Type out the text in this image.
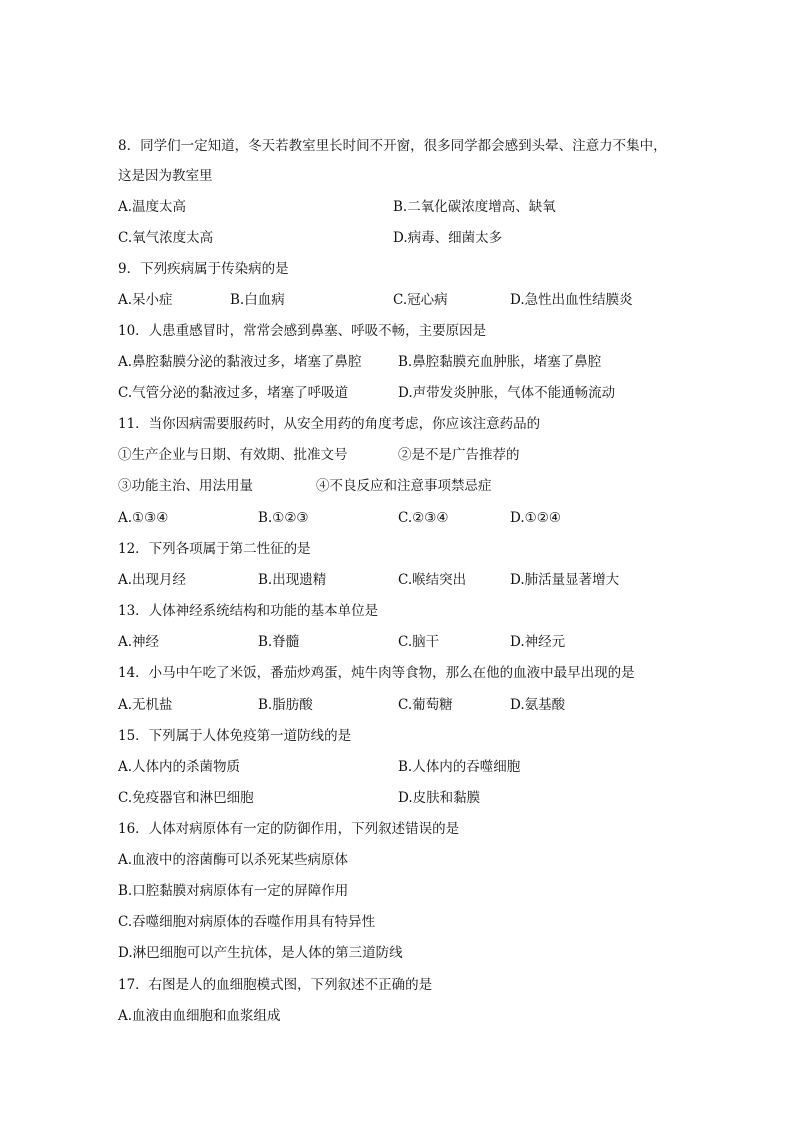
8．同学们一定知道，冬天若教室里长时间不开窗，很多同学都会感到头晕、注意力不集中，
这是因为教室里
A.温度太高	B.二氧化碳浓度增高、缺氧
C.氧气浓度太高	D.病毒、细菌太多
9．下列疾病属于传染病的是
A.呆小症	B.白血病	C.冠心病	D.急性出血性结膜炎
10．人患重感冒时，常常会感到鼻塞、呼吸不畅，主要原因是
A.鼻腔黏膜分泌的黏液过多，堵塞了鼻腔	B.鼻腔黏膜充血肿胀，堵塞了鼻腔
C.气管分泌的黏液过多，堵塞了呼吸道	D.声带发炎肿胀，气体不能通畅流动
11．当你因病需要服药时，从安全用药的角度考虑，你应该注意药品的
①生产企业与日期、有效期、批准文号	②是不是广告推荐的
③功能主治、用法用量	④不良反应和注意事项禁忌症
A.①③④	B.①②③	C.②③④	D.①②④
12．下列各项属于第二性征的是
A.出现月经	B.出现遗精	C.喉结突出	D.肺活量显著增大
13．人体神经系统结构和功能的基本单位是
A.神经	B.脊髓	C.脑干	D.神经元
14．小马中午吃了米饭，番茄炒鸡蛋，炖牛肉等食物，那么在他的血液中最早出现的是
A.无机盐	B.脂肪酸	C.葡萄糖	D.氨基酸
15．下列属于人体免疫第一道防线的是
A.人体内的杀菌物质	B.人体内的吞噬细胞
C.免疫器官和淋巴细胞	D.皮肤和黏膜
16．人体对病原体有一定的防御作用，下列叙述错误的是
A.血液中的溶菌酶可以杀死某些病原体
B.口腔黏膜对病原体有一定的屏障作用
C.吞噬细胞对病原体的吞噬作用具有特异性
D.淋巴细胞可以产生抗体，是人体的第三道防线
17．右图是人的血细胞模式图，下列叙述不正确的是
A.血液由血细胞和血浆组成
